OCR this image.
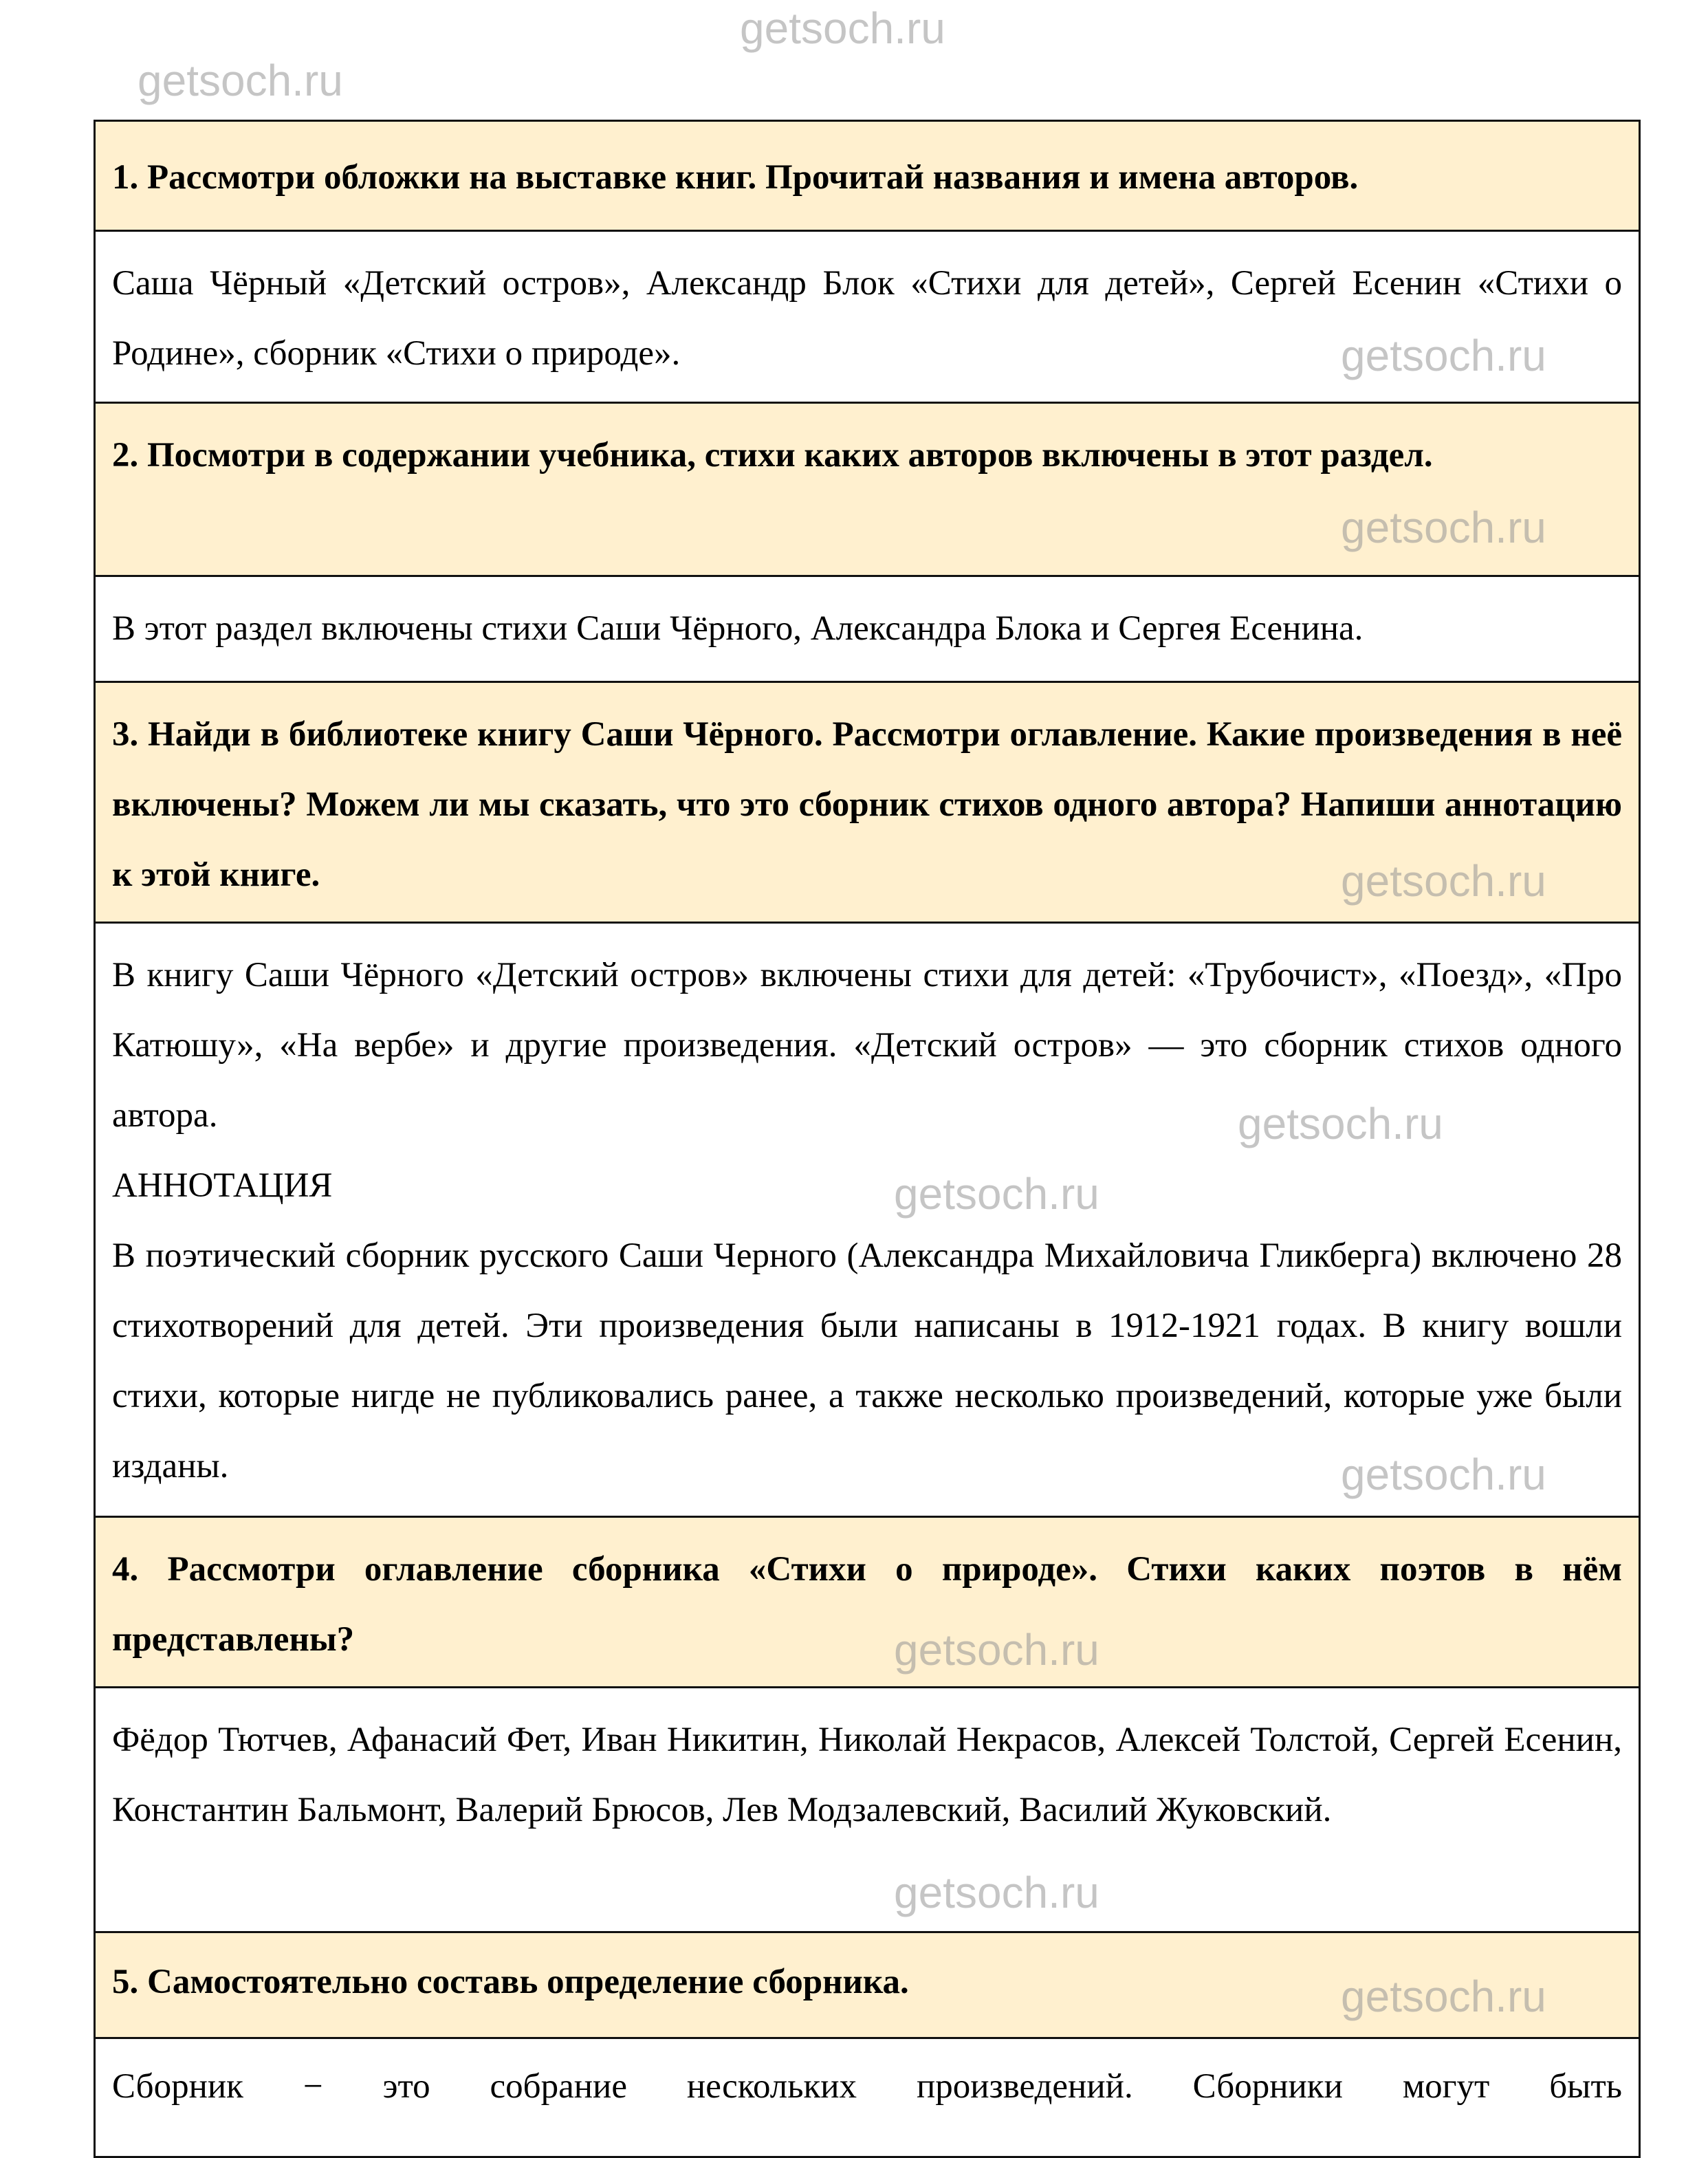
getsoch.ru
getsoch.ru

1. Рассмотри обложки на выставке книг. Прочитай названия и имена авторов.

Саша Чёрный «Детский остров», Александр Блок «Стихи для детей», Сергей Есенин «Стихи о Родине», сборник «Стихи о природе».

2. Посмотри в содержании учебника, стихи каких авторов включены в этот раздел.

В этот раздел включены стихи Саши Чёрного, Александра Блока и Сергея Есенина.

3. Найди в библиотеке книгу Саши Чёрного. Рассмотри оглавление. Какие произведения в неё включены? Можем ли мы сказать, что это сборник стихов одного автора? Напиши аннотацию к этой книге.

В книгу Саши Чёрного «Детский остров» включены стихи для детей: «Трубочист», «Поезд», «Про Катюшу», «На вербе» и другие произведения. «Детский остров» — это сборник стихов одного автора.

АННОТАЦИЯ

В поэтический сборник русского Саши Черного (Александра Михайловича Гликберга) включено 28 стихотворений для детей. Эти произведения были написаны в 1912-1921 годах. В книгу вошли стихи, которые нигде не публиковались ранее, а также несколько произведений, которые уже были изданы.

4. Рассмотри оглавление сборника «Стихи о природе». Стихи каких поэтов в нём представлены?

Фёдор Тютчев, Афанасий Фет, Иван Никитин, Николай Некрасов, Алексей Толстой, Сергей Есенин, Константин Бальмонт, Валерий Брюсов, Лев Модзалевский, Василий Жуковский.

5. Самостоятельно составь определение сборника.

Сборник − это собрание нескольких произведений. Сборники могут быть

getsoch.ru
getsoch.ru
getsoch.ru
getsoch.ru
getsoch.ru
getsoch.ru
getsoch.ru
getsoch.ru
getsoch.ru
